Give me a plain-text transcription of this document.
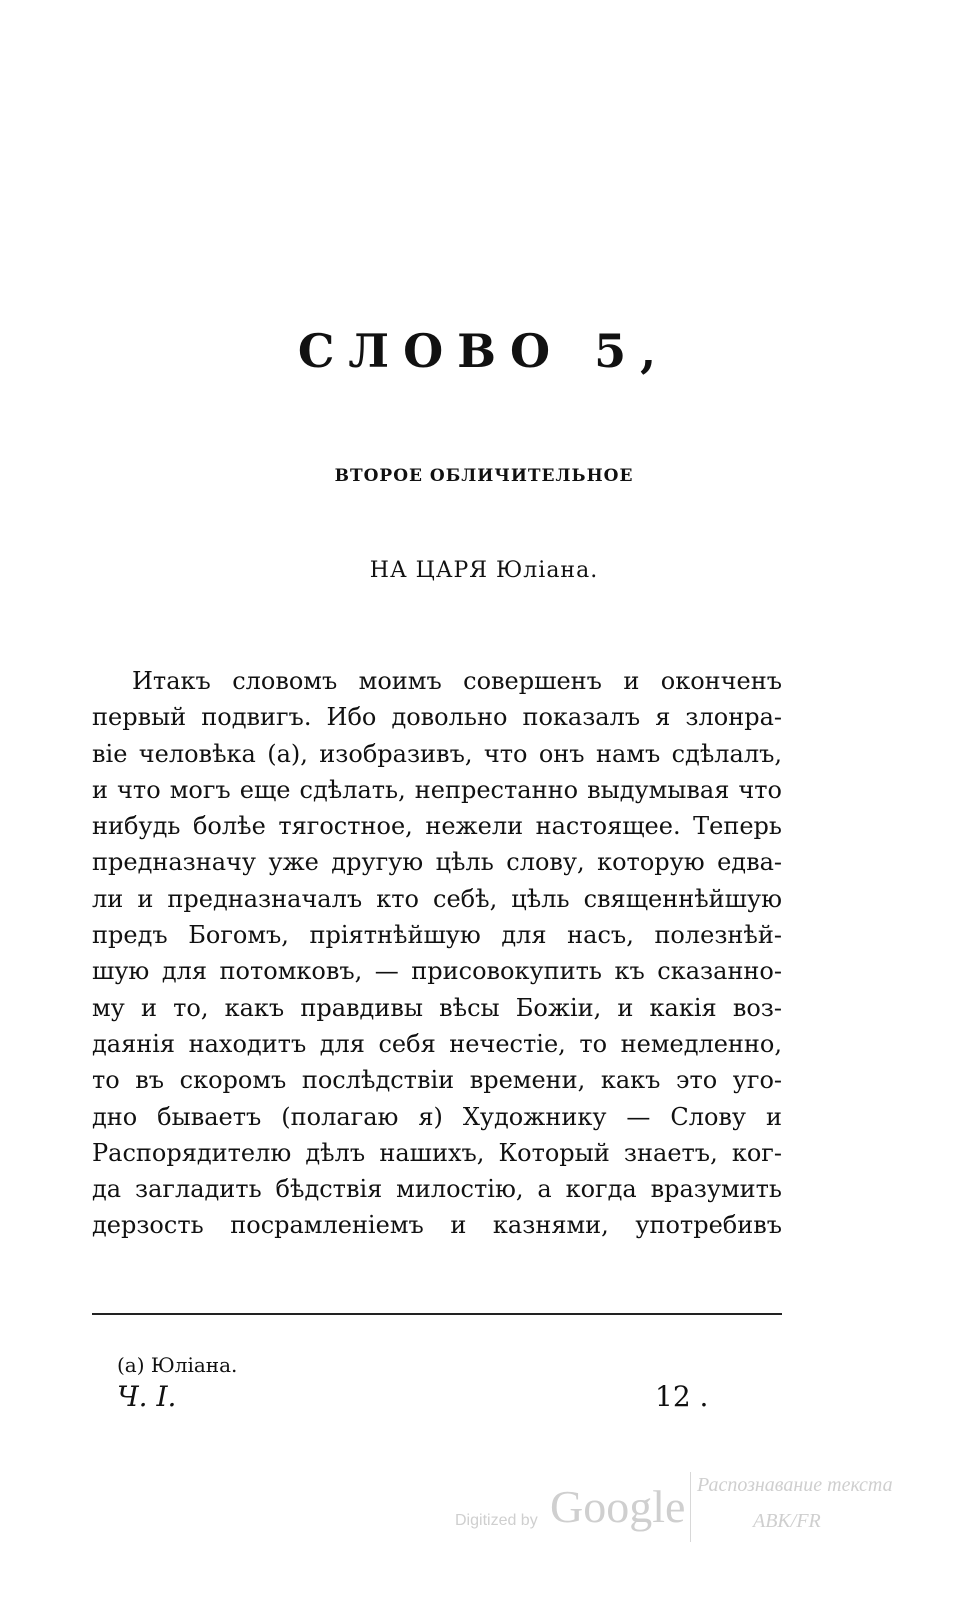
СЛОВО 5,
ВТОРОЕ ОБЛИЧИТЕЛЬНОЕ
НА ЦАРЯ Юліана.
Итакъ словомъ моимъ совершенъ и оконченъ
первый подвигъ. Ибо довольно показалъ я злонра-
віе человѣка (а), изобразивъ, что онъ намъ сдѣлалъ,
и что могъ еще сдѣлать, непрестанно выдумывая что
нибудь болѣе тягостное, нежели настоящее. Теперь
предназначу уже другую цѣль слову, которую едва-
ли и предназначалъ кто себѣ, цѣль священнѣйшую
предъ Богомъ, пріятнѣйшую для насъ, полезнѣй-
шую для потомковъ, — присовокупить къ сказанно-
му и то, какъ правдивы вѣсы Божіи, и какія воз-
даянія находитъ для себя нечестіе, то немедленно,
то въ скоромъ послѣдствіи времени, какъ это уго-
дно бываетъ (полагаю я) Художнику — Слову и
Распорядителю дѣлъ нашихъ, Который знаетъ, ког-
да загладить бѣдствія милостію, а когда вразумить
дерзость посрамленіемъ и казнями, употребивъ
(а) Юліана.
Ч. I.	12 .
Digitized by Google Распознавание текста
ABK/FR
